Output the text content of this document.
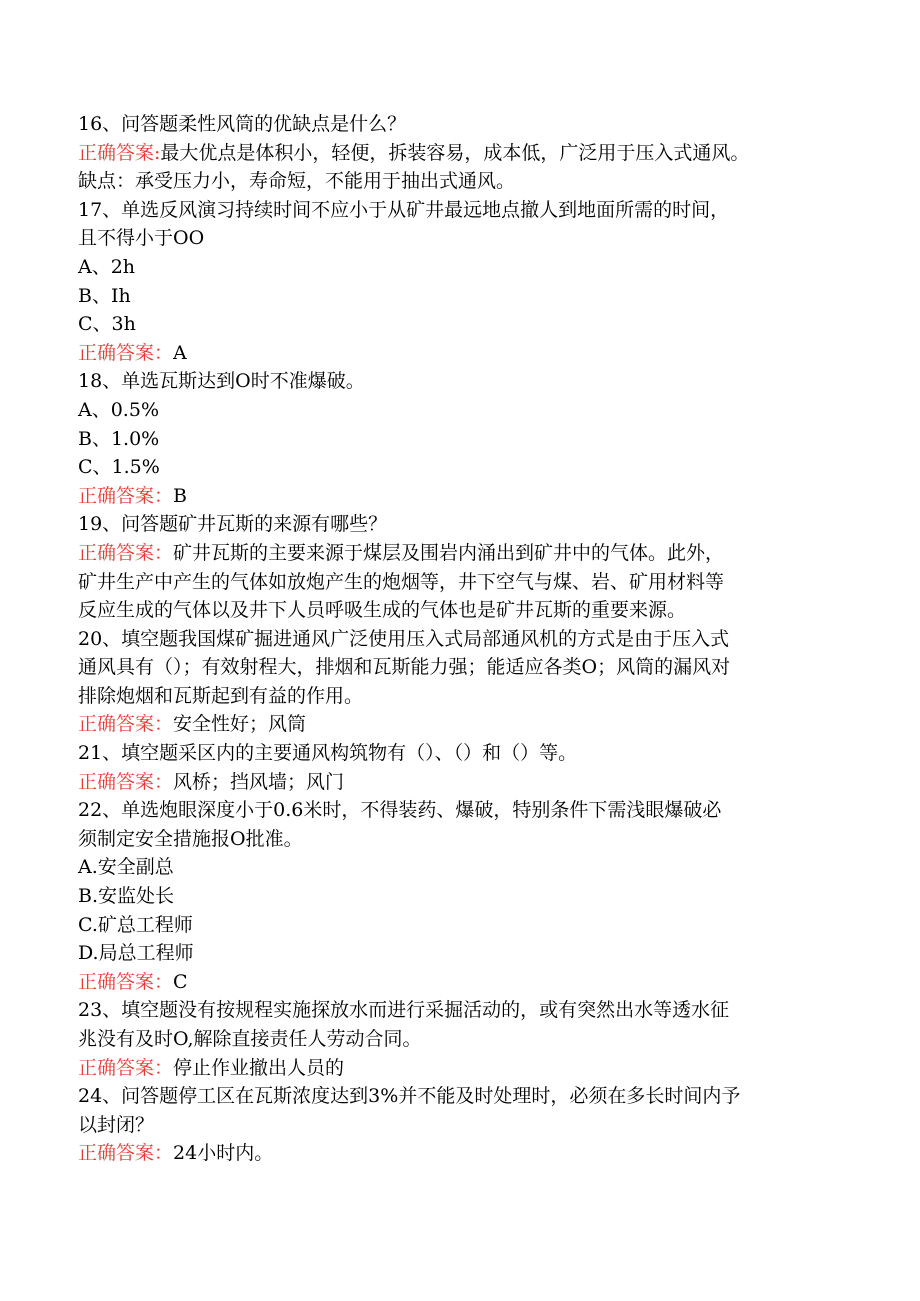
16、问答题柔性风筒的优缺点是什么？
正确答案:最大优点是体积小，轻便，拆装容易，成本低，广泛用于压入式通风。
缺点：承受压力小，寿命短，不能用于抽出式通风。
17、单选反风演习持续时间不应小于从矿井最远地点撤人到地面所需的时间，
且不得小于OO
A、2h
B、Ih
C、3h
正确答案：A
18、单选瓦斯达到O时不准爆破。
A、0.5%
B、1.0%
C、1.5%
正确答案：B
19、问答题矿井瓦斯的来源有哪些？
正确答案：矿井瓦斯的主要来源于煤层及围岩内涌出到矿井中的气体。此外，
矿井生产中产生的气体如放炮产生的炮烟等，井下空气与煤、岩、矿用材料等
反应生成的气体以及井下人员呼吸生成的气体也是矿井瓦斯的重要来源。
20、填空题我国煤矿掘进通风广泛使用压入式局部通风机的方式是由于压入式
通风具有（）；有效射程大，排烟和瓦斯能力强；能适应各类O；风筒的漏风对
排除炮烟和瓦斯起到有益的作用。
正确答案：安全性好；风筒
21、填空题采区内的主要通风构筑物有（）、（）和（）等。
正确答案：风桥；挡风墙；风门
22、单选炮眼深度小于0.6米时，不得装药、爆破，特别条件下需浅眼爆破必
须制定安全措施报O批准。
A.安全副总
B.安监处长
C.矿总工程师
D.局总工程师
正确答案：C
23、填空题没有按规程实施探放水而进行采掘活动的，或有突然出水等透水征
兆没有及时O,解除直接责任人劳动合同。
正确答案：停止作业撤出人员的
24、问答题停工区在瓦斯浓度达到3%并不能及时处理时，必须在多长时间内予
以封闭？
正确答案：24小时内。
